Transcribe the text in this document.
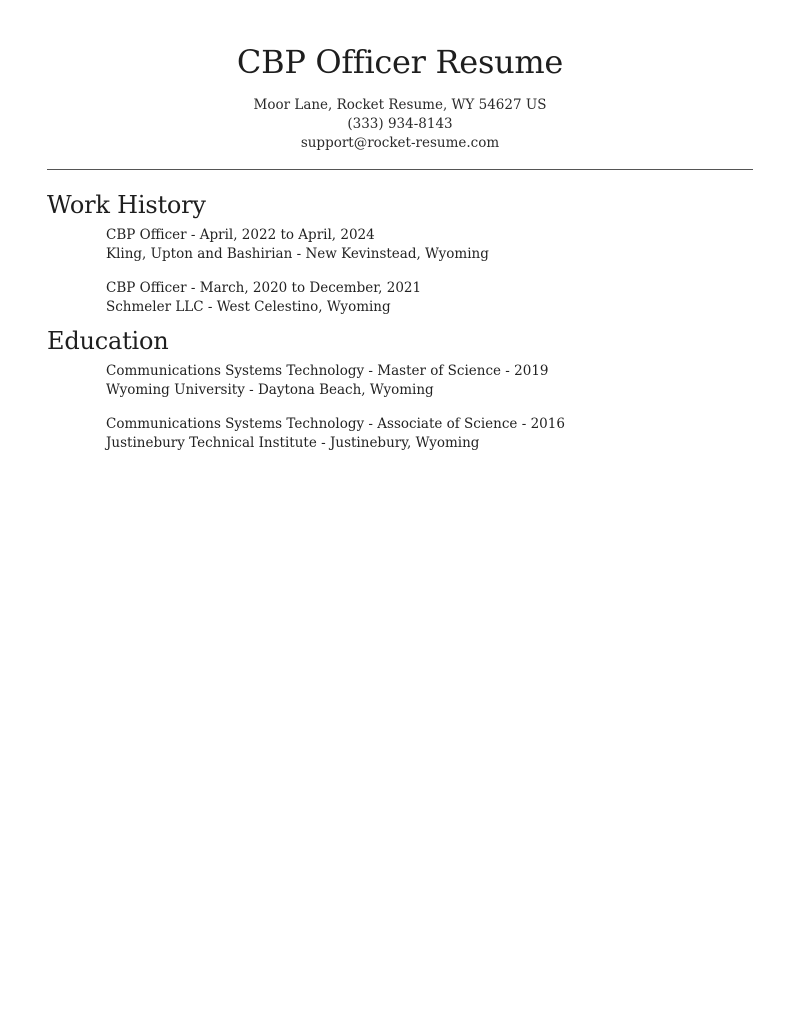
CBP Officer Resume
Moor Lane, Rocket Resume, WY 54627 US
(333) 934-8143
support@rocket-resume.com
Work History
CBP Officer - April, 2022 to April, 2024
Kling, Upton and Bashirian - New Kevinstead, Wyoming
CBP Officer - March, 2020 to December, 2021
Schmeler LLC - West Celestino, Wyoming
Education
Communications Systems Technology - Master of Science - 2019
Wyoming University - Daytona Beach, Wyoming
Communications Systems Technology - Associate of Science - 2016
Justinebury Technical Institute - Justinebury, Wyoming
